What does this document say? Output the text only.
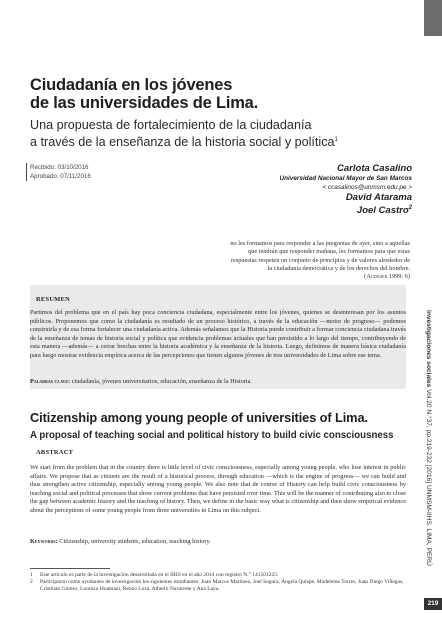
Ciudadanía en los jóvenes
de las universidades de Lima.
Una propuesta de fortalecimiento de la ciudadanía
a través de la enseñanza de la historia social y política$^1$
Recibido: 03/10/2016
Aprobado: 07/11/2016
Carlota Casalino
Universidad Nacional Mayor de San Marcos
< ccasalinos@unmsm.edu.pe >
David Atarama
Joel Castro$^2$
no les formamos para responder a las preguntas de ayer, sino a aquellas
que tendrán que responder mañana, les formamos para que estas
respuestas respeten un conjunto de principios y de valores alrededor de
la ciudadanía democrática y de los derechos del hombre.
(Audigier 1999: 6)
RESUMEN
Partimos del problema que en el país hay poca conciencia ciudadana, especialmente entre los jóvenes, quienes se desinteresan por los asuntos públicos. Proponemos que como la ciudadanía es resultado de un proceso histórico, a través de la educación —motor de progreso— podemos construirla y de esa forma fortalecer una ciudadanía activa. Además señalamos que la Historia puede contribuir a formar conciencia ciudadana través de la enseñanza de temas de historia social y política que evidencia problemas actuales que han persistido a lo largo del tiempo, contribuyendo de esta manera —además— a cerrar brechas entre la historia académica y la enseñanza de la historia. Luego, definimos de manera básica ciudadanía para luego mostrar evidencia empírica acerca de las percepciones que tienen algunos jóvenes de tres universidades de Lima sobre ese tema.
Palabras clave: ciudadanía, jóvenes universitarios, educación, enseñanza de la Historia.
Citizenship among young people of universities of Lima.
A proposal of teaching social and political history to build civic consciousness
ABSTRACT
We start from the problem that in the country there is little level of civic consciousness, especially among young people, who lose interest in public affairs. We propose that as citizens are the result of a historical process, through education —which is the engine of progress— we can build and thus strengthen active citizenship, especially among young people. We also note that de course of History can help build civic consciousness by teaching social and political processes that show current problems that have persisted over time. This will be the manner of contributing also to close the gap between academic history and the teaching of history. Then, we define in the basic way what is citizenship and then show empirical evidence about the perceptions of some young people from three universities in Lima on this subject.
Keywords: Citizenship, university students, education, teaching history.
1	Este artículo es parte de la investigación desarrollada en el IIHS en el año 2014 con registro N.° 141501225.
2	Participaron como ayudantes de investigación los siguientes estudiantes: Juan Marcos Martínez, Joel Segura, Ángela Quispe, Madeleine Torres, Juan Diego Villegas, Cristhian Gómez, Lorenzo Huamaní, Renzo Loza, Alberto Navarrete y Ana Laya.
investigaciones sociales Vol.20 N.°37, pp.219-232 [2016] UNMSM-IIHS. LIMA, PERÚ
219
